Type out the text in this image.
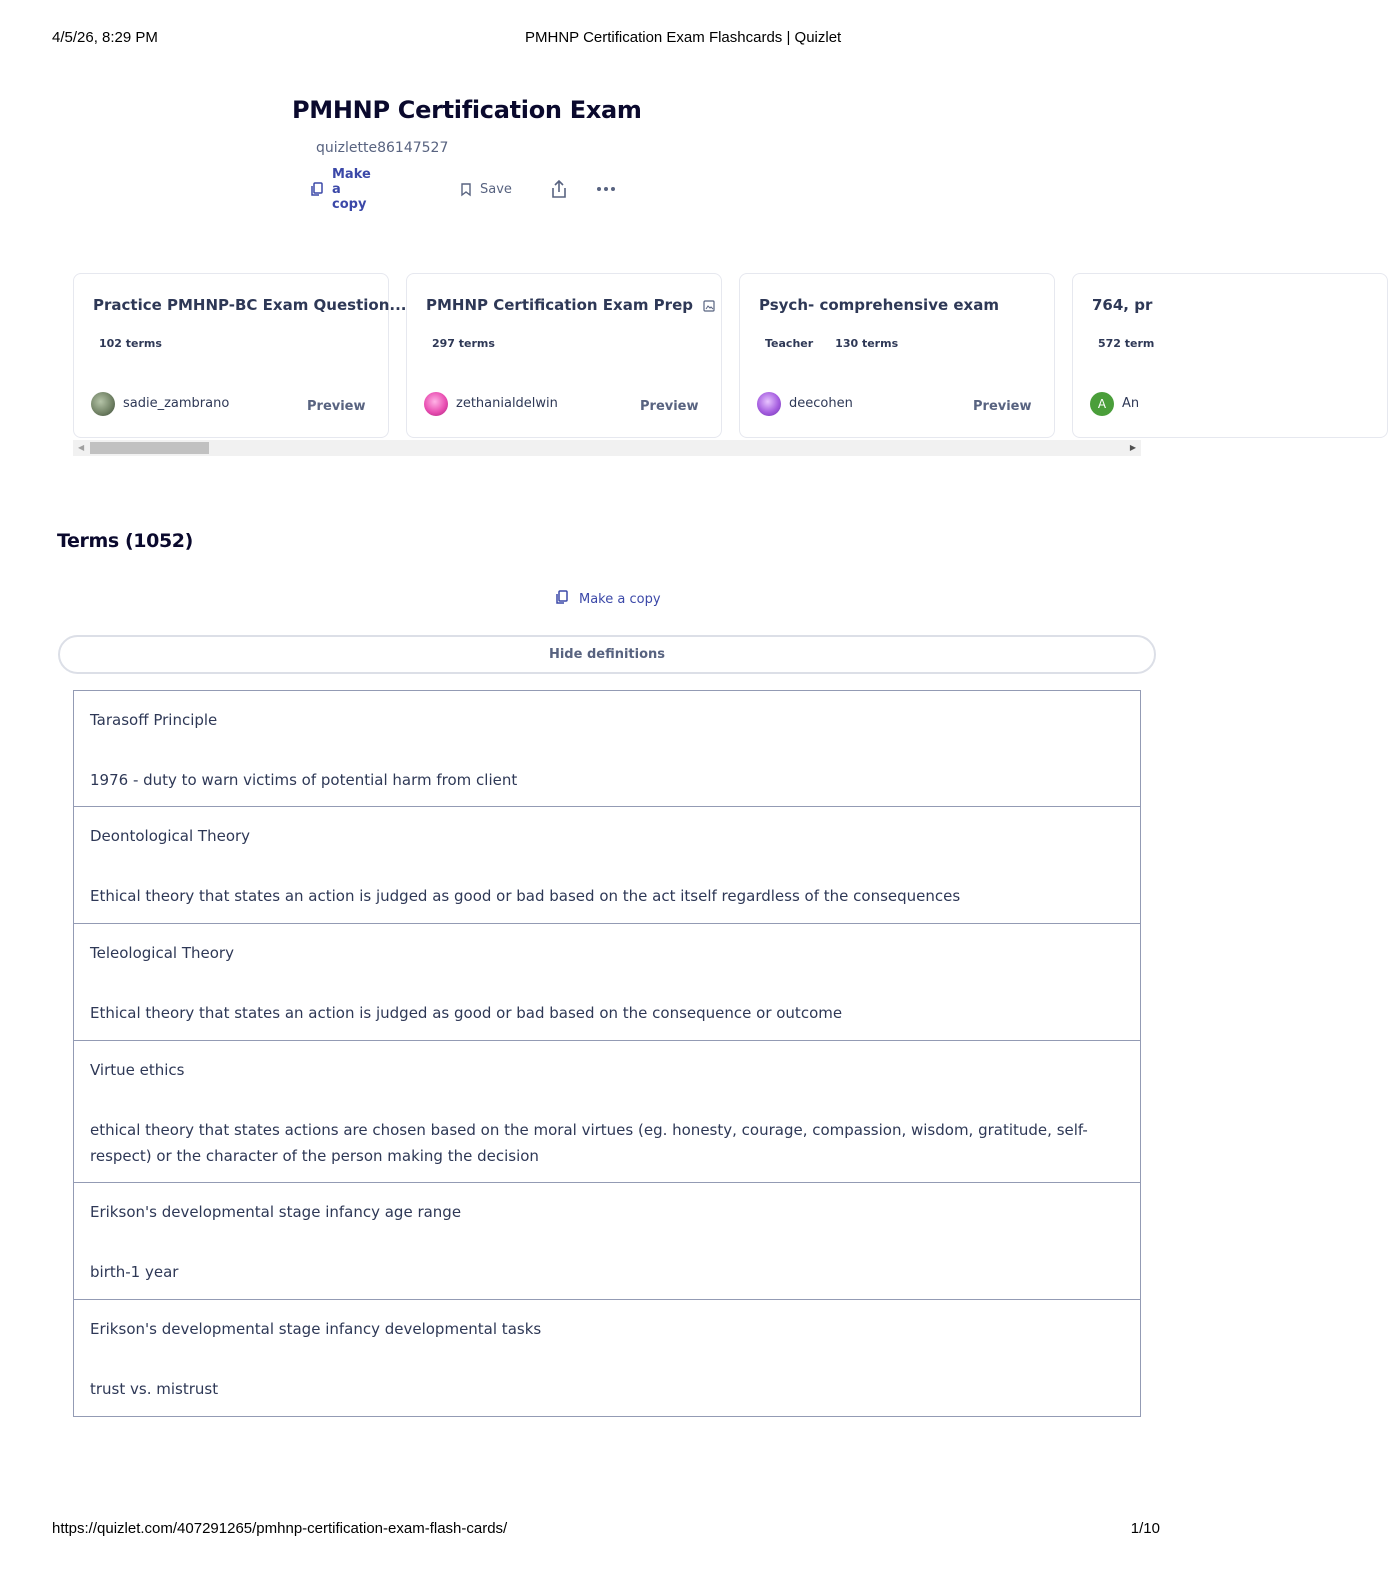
4/5/26, 8:29 PM	PMHNP Certification Exam Flashcards | Quizlet
PMHNP Certification Exam
quizlette86147527
Make a copy
Save
Practice PMHNP-BC Exam Question...
102 terms
sadie_zambrano	Preview
PMHNP Certification Exam Prep
297 terms
zethanialdelwin	Preview
Psych- comprehensive exam
Teacher 130 terms
deecohen	Preview
764, pr
572 term
A An
◀	▶
Terms (1052)
Make a copy
Hide definitions
Tarasoff Principle
1976 - duty to warn victims of potential harm from client
Deontological Theory
Ethical theory that states an action is judged as good or bad based on the act itself regardless of the consequences
Teleological Theory
Ethical theory that states an action is judged as good or bad based on the consequence or outcome
Virtue ethics
ethical theory that states actions are chosen based on the moral virtues (eg. honesty, courage, compassion, wisdom, gratitude, self-respect) or the character of the person making the decision
Erikson's developmental stage infancy age range
birth-1 year
Erikson's developmental stage infancy developmental tasks
trust vs. mistrust
https://quizlet.com/407291265/pmhnp-certification-exam-flash-cards/	1/10
